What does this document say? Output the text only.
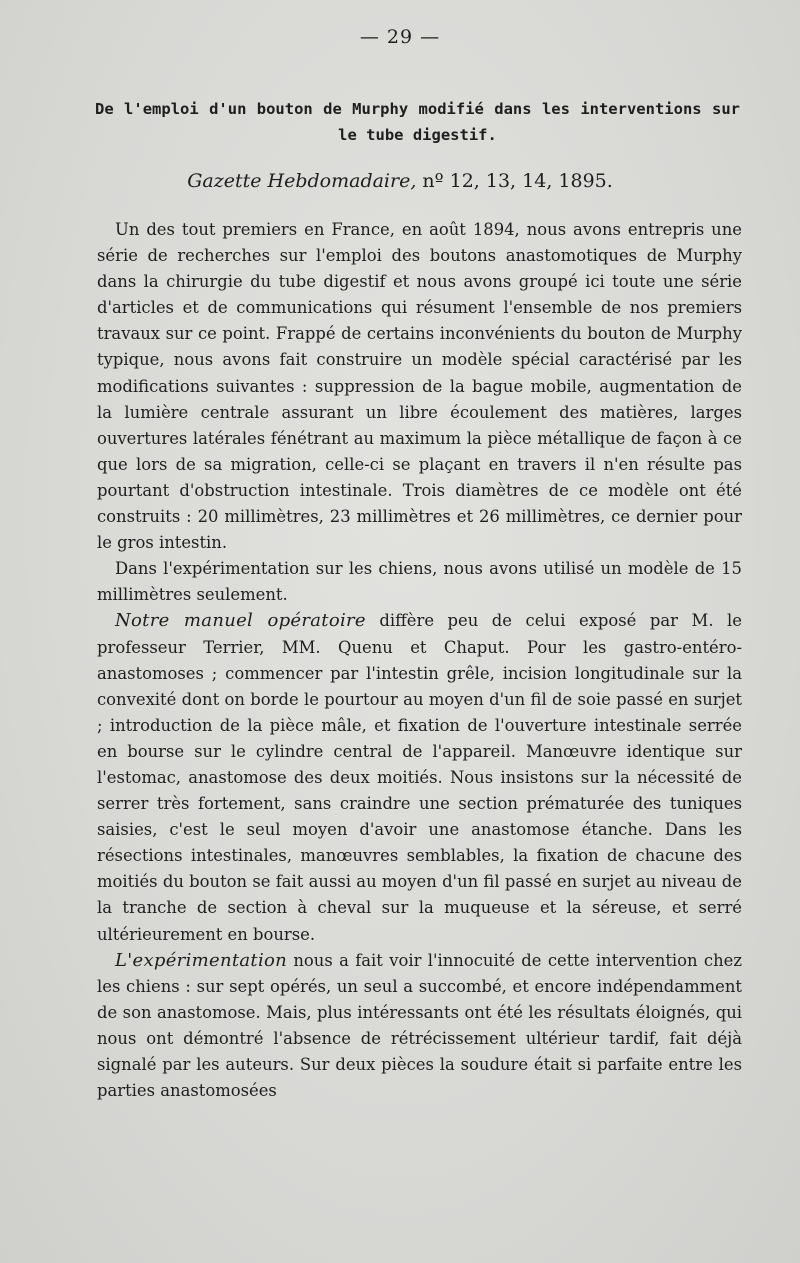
— 29 —
De l'emploi d'un bouton de Murphy modifié dans les interventions sur
le tube digestif.
Gazette Hebdomadaire, nº 12, 13, 14, 1895.

Un des tout premiers en France, en août 1894, nous avons entrepris une série de recherches sur l'emploi des boutons anastomotiques de Murphy dans la chirurgie du tube digestif et nous avons groupé ici toute une série d'articles et de communications qui résument l'ensemble de nos premiers travaux sur ce point. Frappé de certains inconvénients du bouton de Murphy typique, nous avons fait construire un modèle spécial caractérisé par les modifications suivantes : suppression de la bague mobile, augmentation de la lumière centrale assurant un libre écoulement des matières, larges ouvertures latérales fénétrant au maximum la pièce métallique de façon à ce que lors de sa migration, celle-ci se plaçant en travers il n'en résulte pas pourtant d'obstruction intestinale. Trois diamètres de ce modèle ont été construits : 20 millimètres, 23 millimètres et 26 millimètres, ce dernier pour le gros intestin.

Dans l'expérimentation sur les chiens, nous avons utilisé un modèle de 15 millimètres seulement.

Notre manuel opératoire diffère peu de celui exposé par M. le professeur Terrier, MM. Quenu et Chaput. Pour les gastro-entéro-anastomoses ; commencer par l'intestin grêle, incision longitudinale sur la convexité dont on borde le pourtour au moyen d'un fil de soie passé en surjet ; introduction de la pièce mâle, et fixation de l'ouverture intestinale serrée en bourse sur le cylindre central de l'appareil. Manœuvre identique sur l'estomac, anastomose des deux moitiés. Nous insistons sur la nécessité de serrer très fortement, sans craindre une section prématurée des tuniques saisies, c'est le seul moyen d'avoir une anastomose étanche. Dans les résections intestinales, manœuvres semblables, la fixation de chacune des moitiés du bouton se fait aussi au moyen d'un fil passé en surjet au niveau de la tranche de section à cheval sur la muqueuse et la séreuse, et serré ultérieurement en bourse.

L'expérimentation nous a fait voir l'innocuité de cette intervention chez les chiens : sur sept opérés, un seul a succombé, et encore indépendamment de son anastomose. Mais, plus intéressants ont été les résultats éloignés, qui nous ont démontré l'absence de rétrécissement ultérieur tardif, fait déjà signalé par les auteurs. Sur deux pièces la soudure était si parfaite entre les parties anastomosées
